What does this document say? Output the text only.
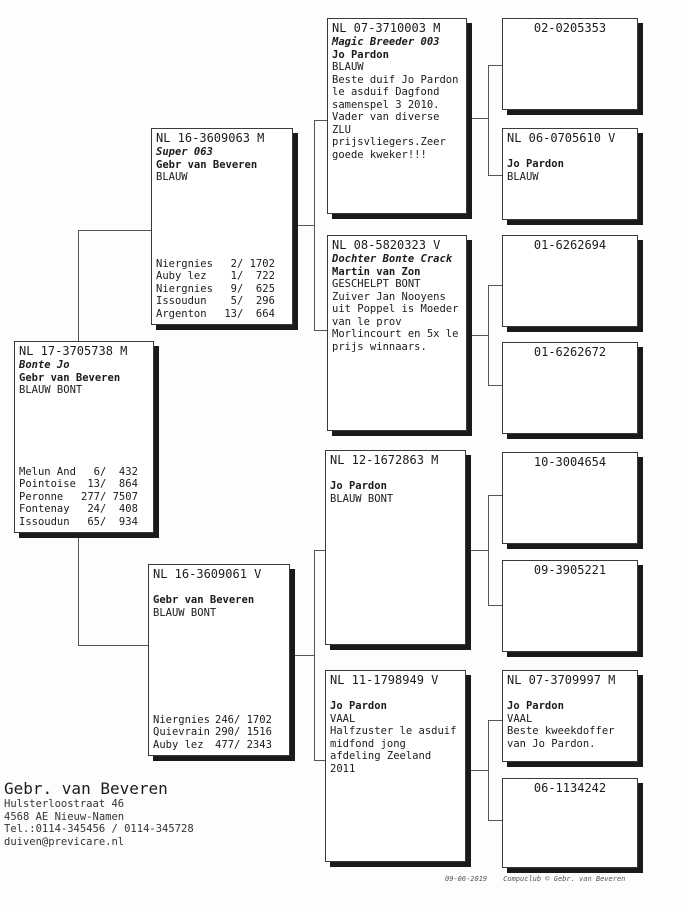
NL 17-3705738 M
Bonte Jo
Gebr van Beveren
BLAUW BONT
Melun And 6/  432
Pointoise 13/  864
Peronne	277/ 7507
Fontenay	24/  408
Issoudun	65/  934
NL 16-3609063 M
Super 063
Gebr van Beveren
BLAUW
Niergnies 2/ 1702
Auby lez	1/  722
Niergnies 9/  625
Issoudun	5/  296
Argenton	13/  664
NL 16-3609061 V
Gebr van Beveren
BLAUW BONT
Niergnies 246/ 1702
Quievrain 290/ 1516
Auby lez	477/ 2343
NL 07-3710003 M
Magic Breeder 003
Jo Pardon
BLAUW
Beste duif Jo Pardon
le asduif Dagfond
samenspel 3 2010.
Vader van diverse
ZLU
prijsvliegers.Zeer
goede kweker!!!
NL 08-5820323 V
Dochter Bonte Crack
Martin van Zon
GESCHELPT BONT
Zuiver Jan Nooyens
uit Poppel is Moeder
van le prov
Morlincourt en 5x le
prijs winnaars.
NL 12-1672863 M
Jo Pardon
BLAUW BONT
NL 11-1798949 V
Jo Pardon
VAAL
Halfzuster le asduif
midfond jong
afdeling Zeeland
2011
02-0205353
NL 06-0705610 V
Jo Pardon
BLAUW
01-6262694
01-6262672
10-3004654
09-3905221
NL 07-3709997 M
Jo Pardon
VAAL
Beste kweekdoffer
van Jo Pardon.
06-1134242
Gebr. van Beveren
Hulsterloostraat 46
4568 AE Nieuw-Namen
Tel.:0114-345456 / 0114-345728
duiven@previcare.nl
09-06-2019 Compuclub © Gebr. van Beveren
